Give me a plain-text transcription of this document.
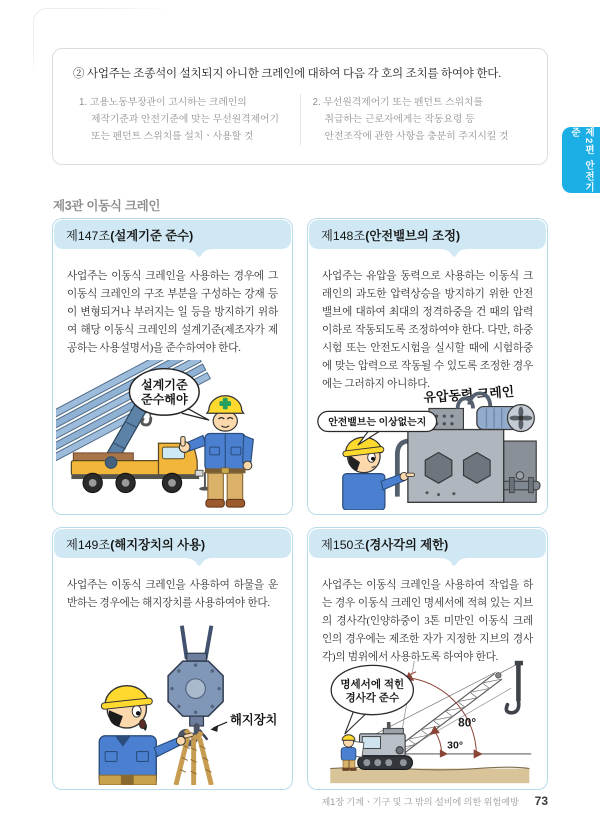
② 사업주는 조종석이 설치되지 아니한 크레인에 대하여 다음 각 호의 조치를 하여야 한다.
1. 고용노동부장관이 고시하는 크레인의 제작기준과 안전기준에 맞는 무선원격제어기 또는 펜던트 스위치를 설치ㆍ사용할 것
2. 무선원격제어기 또는 펜던트 스위치를 취급하는 근로자에게는 작동요령 등 안전조작에 관한 사항을 충분히 주지시킬 것	제2편 안전기준
제3관 이동식 크레인
제147조(설계기준 준수)
사업주는 이동식 크레인을 사용하는 경우에 그 이동식 크레인의 구조 부분을 구성하는 강재 등이 변형되거나 부러지는 일 등을 방지하기 위하여 해당 이동식 크레인의 설계기준(제조자가 제공하는 사용설명서)을 준수하여야 한다.
설계기준
준수해야
제148조(안전밸브의 조정)
사업주는 유압을 동력으로 사용하는 이동식 크레인의 과도한 압력상승을 방지하기 위한 안전밸브에 대하여 최대의 정격하중을 건 때의 압력 이하로 작동되도록 조정하여야 한다. 다만, 하중시험 또는 안전도시험을 실시할 때에 시험하중에 맞는 압력으로 작동될 수 있도록 조정한 경우에는 그러하지 아니하다.
유압동력 크레인
안전밸브는 이상없는지
제149조(해지장치의 사용)
사업주는 이동식 크레인을 사용하여 하물을 운반하는 경우에는 해지장치를 사용하여야 한다.
해지장치
제150조(경사각의 제한)
사업주는 이동식 크레인을 사용하여 작업을 하는 경우 이동식 크레인 명세서에 적혀 있는 지브의 경사각(인양하중이 3톤 미만인 이동식 크레인의 경우에는 제조한 자가 지정한 지브의 경사각)의 범위에서 사용하도록 하여야 한다.
80°
30°
명세서에 적힌
경사각 준수
제1장 기계ㆍ기구 및 그 밖의 설비에 의한 위험예방 73
